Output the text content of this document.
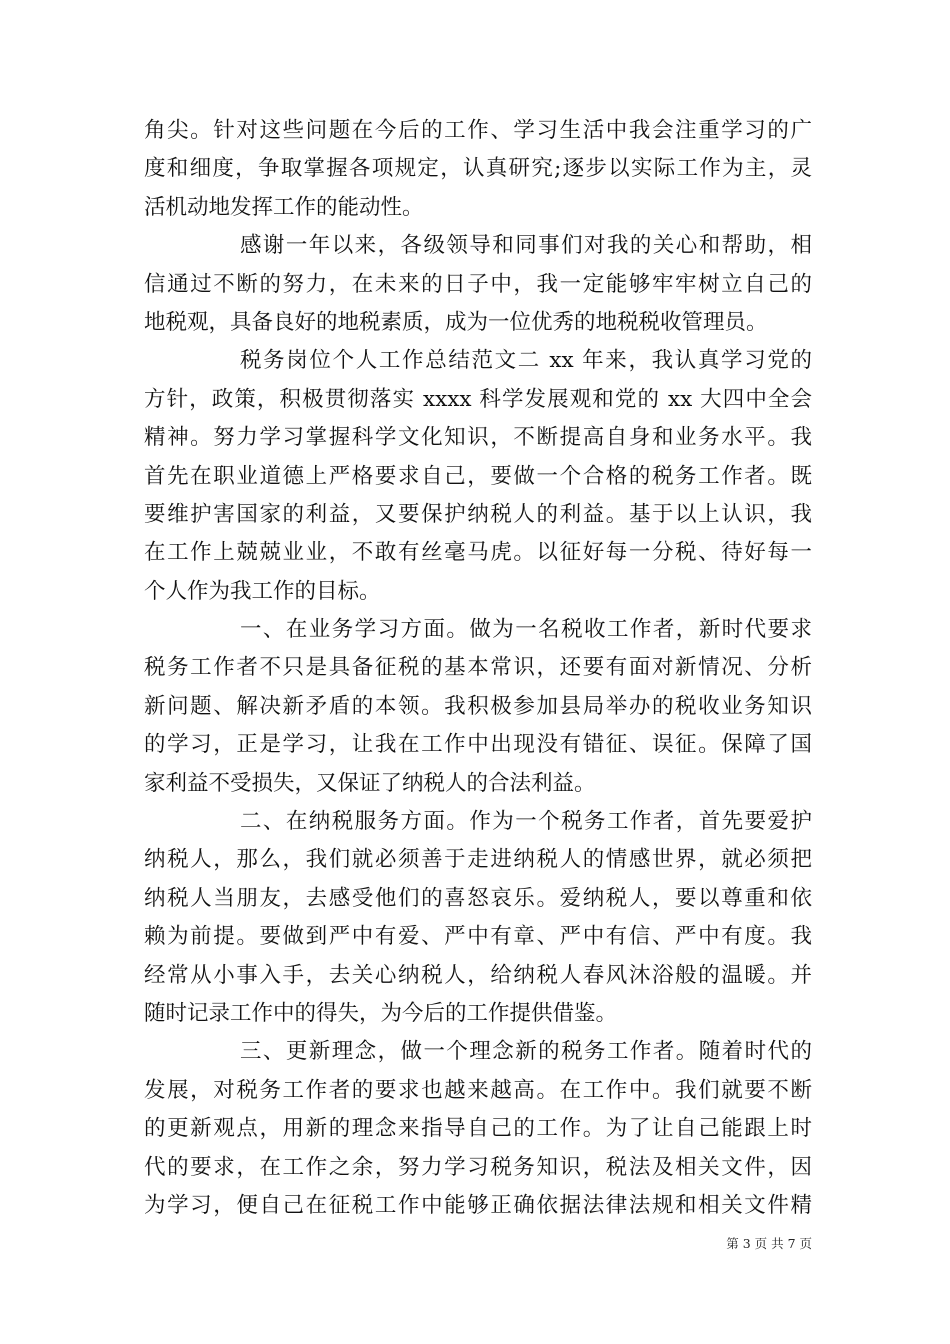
角尖。针对这些问题在今后的工作、学习生活中我会注重学习的广
度和细度，争取掌握各项规定，认真研究;逐步以实际工作为主，灵
活机动地发挥工作的能动性。
感谢一年以来，各级领导和同事们对我的关心和帮助，相
信通过不断的努力，在未来的日子中，我一定能够牢牢树立自己的
地税观，具备良好的地税素质，成为一位优秀的地税税收管理员。
税务岗位个人工作总结范文二 xx 年来，我认真学习党的
方针，政策，积极贯彻落实 xxxx 科学发展观和党的 xx 大四中全会
精神。努力学习掌握科学文化知识，不断提高自身和业务水平。我
首先在职业道德上严格要求自己，要做一个合格的税务工作者。既
要维护害国家的利益，又要保护纳税人的利益。基于以上认识，我
在工作上兢兢业业，不敢有丝毫马虎。以征好每一分税、待好每一
个人作为我工作的目标。
一、在业务学习方面。做为一名税收工作者，新时代要求
税务工作者不只是具备征税的基本常识，还要有面对新情况、分析
新问题、解决新矛盾的本领。我积极参加县局举办的税收业务知识
的学习，正是学习，让我在工作中出现没有错征、误征。保障了国
家利益不受损失，又保证了纳税人的合法利益。
二、在纳税服务方面。作为一个税务工作者，首先要爱护
纳税人，那么，我们就必须善于走进纳税人的情感世界，就必须把
纳税人当朋友，去感受他们的喜怒哀乐。爱纳税人，要以尊重和依
赖为前提。要做到严中有爱、严中有章、严中有信、严中有度。我
经常从小事入手，去关心纳税人，给纳税人春风沐浴般的温暖。并
随时记录工作中的得失，为今后的工作提供借鉴。
三、更新理念，做一个理念新的税务工作者。随着时代的
发展，对税务工作者的要求也越来越高。在工作中。我们就要不断
的更新观点，用新的理念来指导自己的工作。为了让自己能跟上时
代的要求，在工作之余，努力学习税务知识，税法及相关文件，因
为学习，便自己在征税工作中能够正确依据法律法规和相关文件精
第 3 页 共 7 页
